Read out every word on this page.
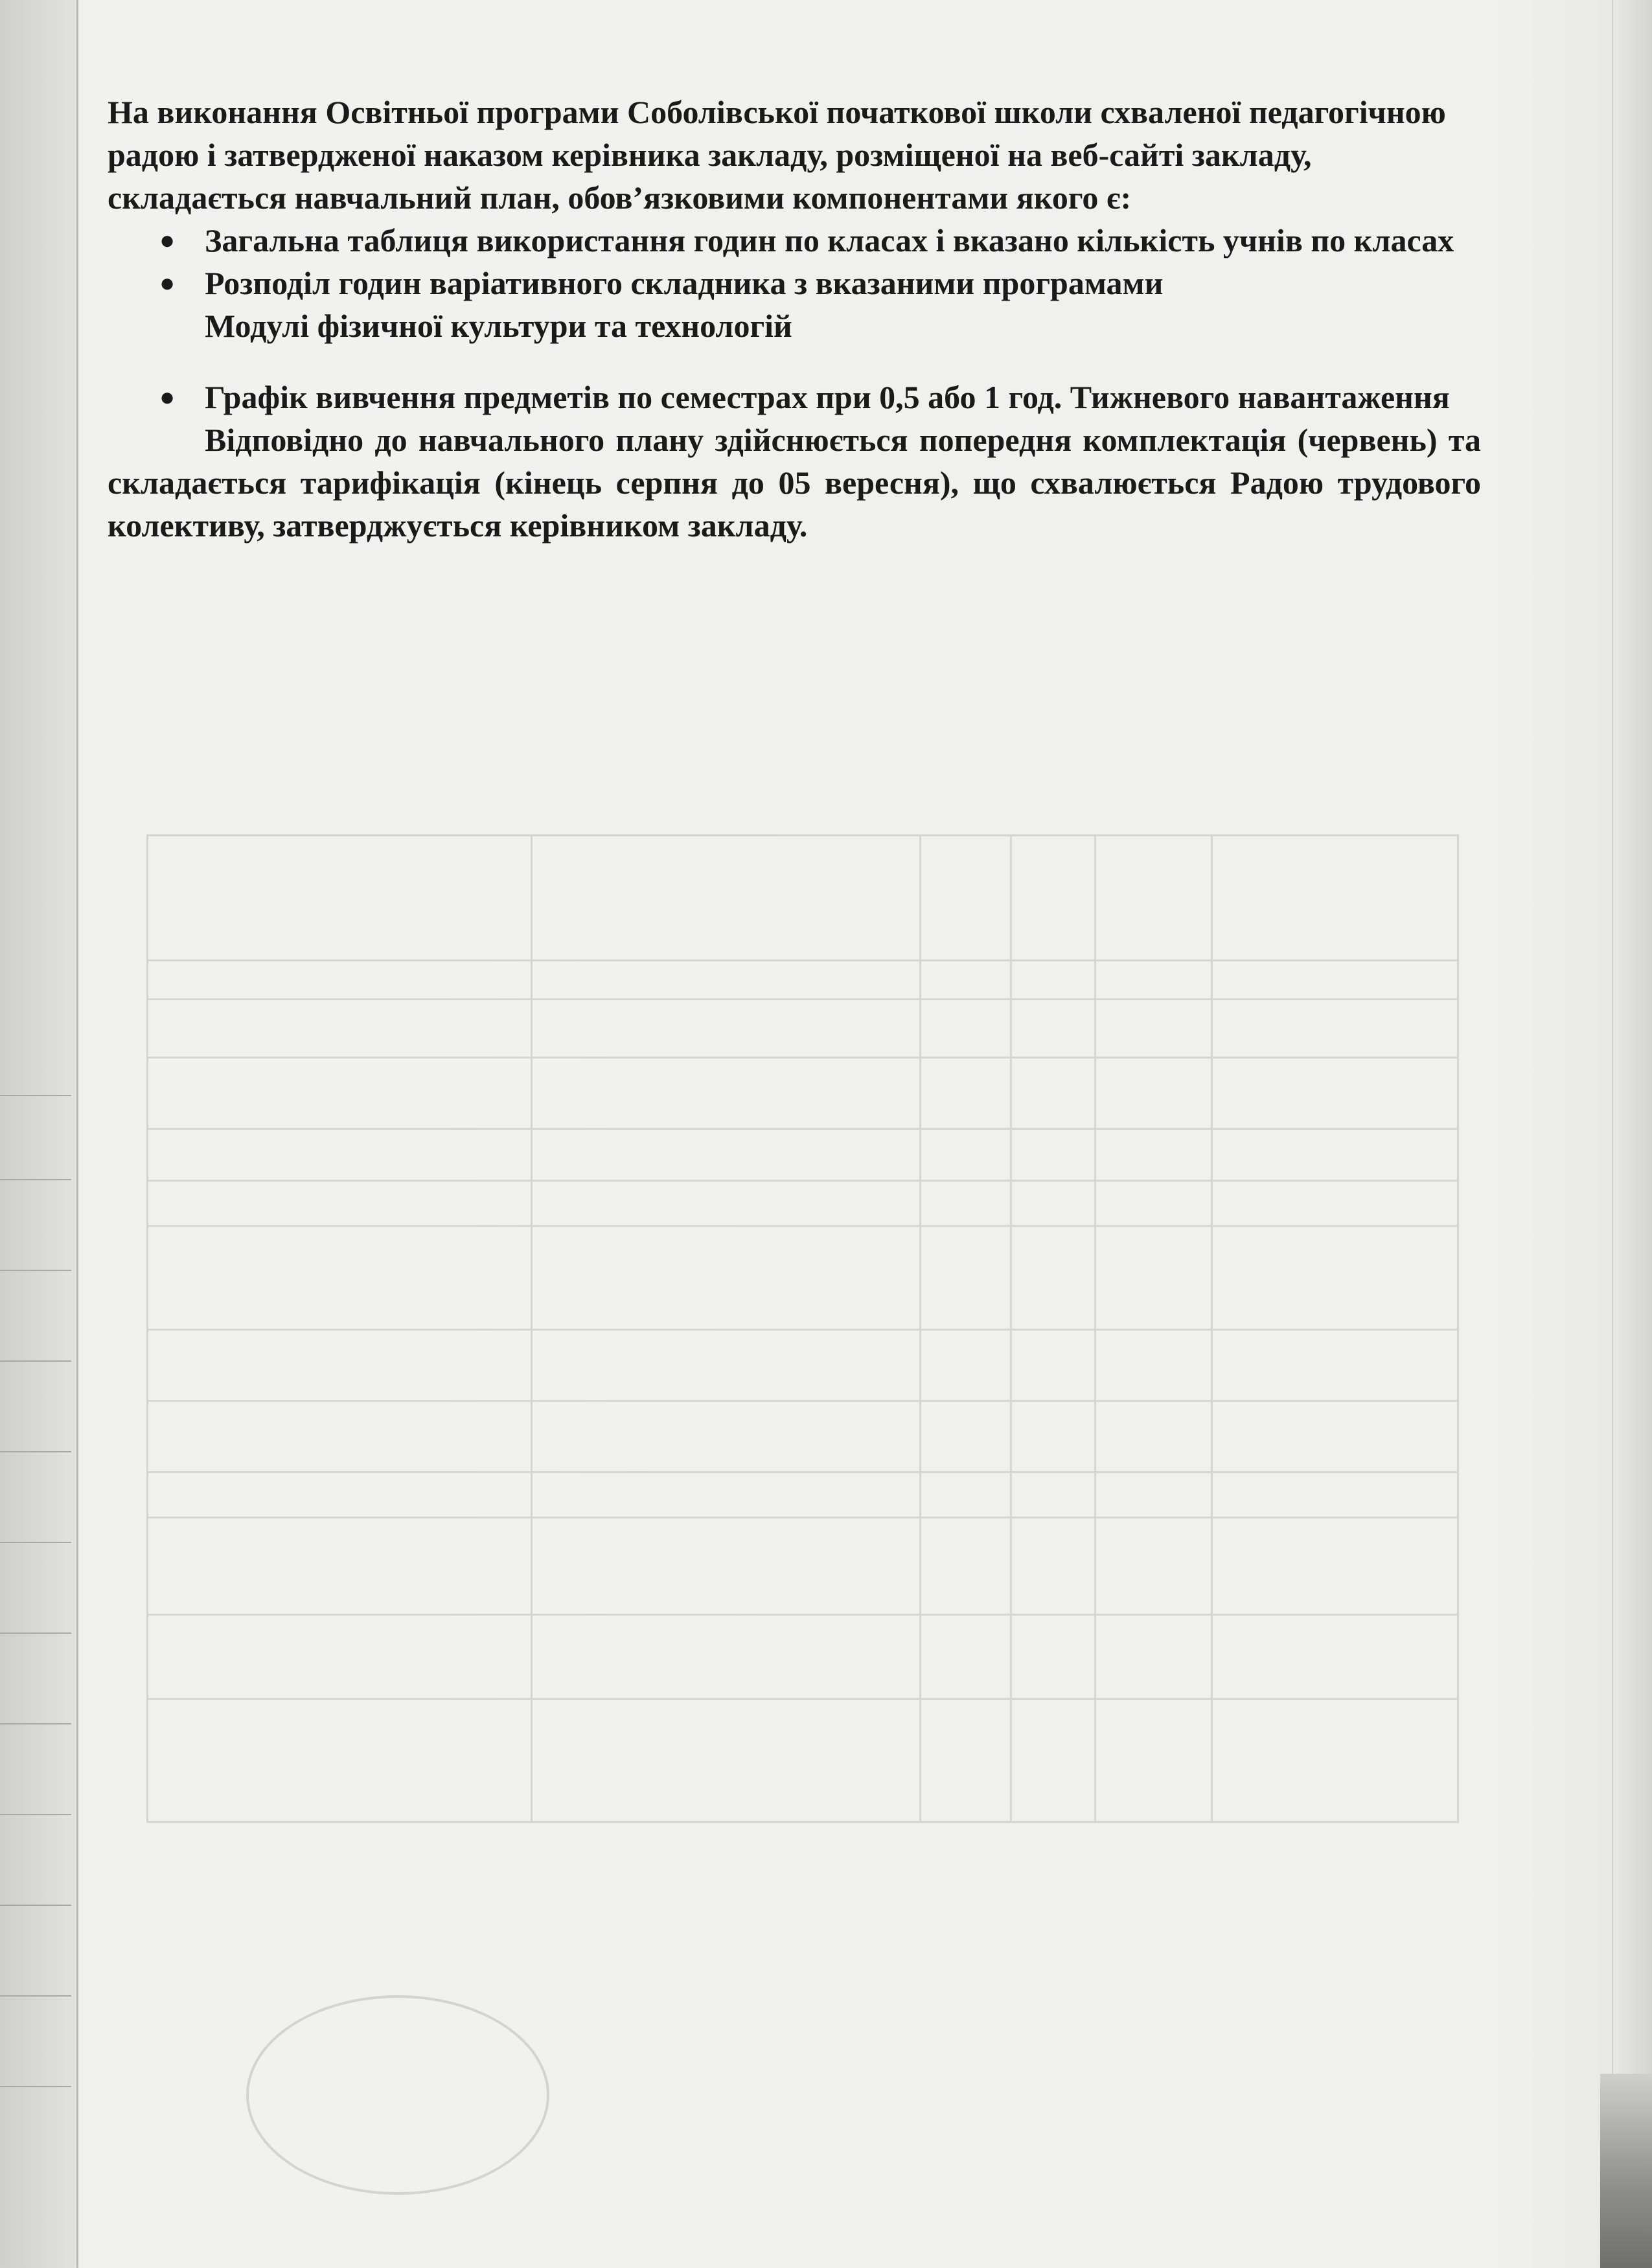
На виконання Освітньої програми Соболівської початкової школи схваленої педагогічною радою і затвердженої наказом керівника закладу, розміщеної на веб-сайті закладу, складається навчальний план, обов’язковими компонентами якого є:

● Загальна таблиця використання годин по класах і вказано кількість учнів по класах
● Розподіл годин варіативного складника з вказаними програмами
Модулі фізичної культури та технологій
● Графік вивчення предметів по семестрах при 0,5 або 1 год. Тижневого навантаження

Відповідно до навчального плану здійснюється попередня комплектація (червень) та складається тарифікація (кінець серпня до 05 вересня), що схвалюється Радою трудового колективу, затверджується керівником закладу.
